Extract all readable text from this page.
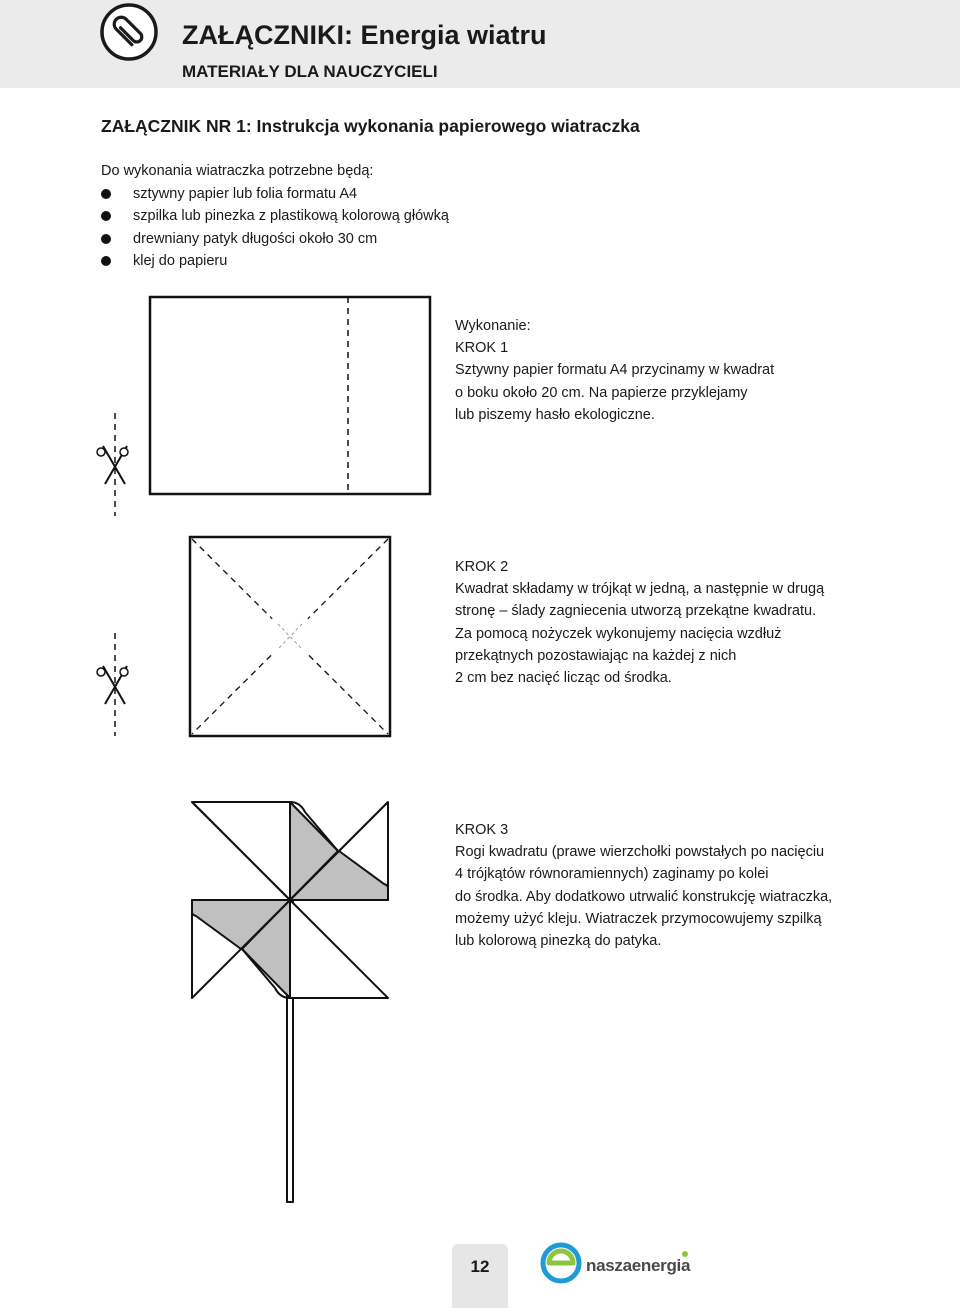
ZAŁĄCZNIKI: Energia wiatru
MATERIAŁY DLA NAUCZYCIELI
ZAŁĄCZNIK NR 1: Instrukcja wykonania papierowego wiatraczka
Do wykonania wiatraczka potrzebne będą:
sztywny papier lub folia formatu A4
szpilka lub pinezka z plastikową kolorową główką
drewniany patyk długości około 30 cm
klej do papieru
Wykonanie:
KROK 1
Sztywny papier formatu A4 przycinamy w kwadrat
o boku około 20 cm. Na papierze przyklejamy
lub piszemy hasło ekologiczne.
KROK 2
Kwadrat składamy w trójkąt w jedną, a następnie w drugą
stronę – ślady zagniecenia utworzą przekątne kwadratu.
Za pomocą nożyczek wykonujemy nacięcia wzdłuż
przekątnych pozostawiając na każdej z nich
2 cm bez nacięć licząc od środka.
KROK 3
Rogi kwadratu (prawe wierzchołki powstałych po nacięciu
4 trójkątów równoramiennych) zaginamy po kolei
do środka. Aby dodatkowo utrwalić konstrukcję wiatraczka,
możemy użyć kleju. Wiatraczek przymocowujemy szpilką
lub kolorową pinezką do patyka.
12	naszaenergia
